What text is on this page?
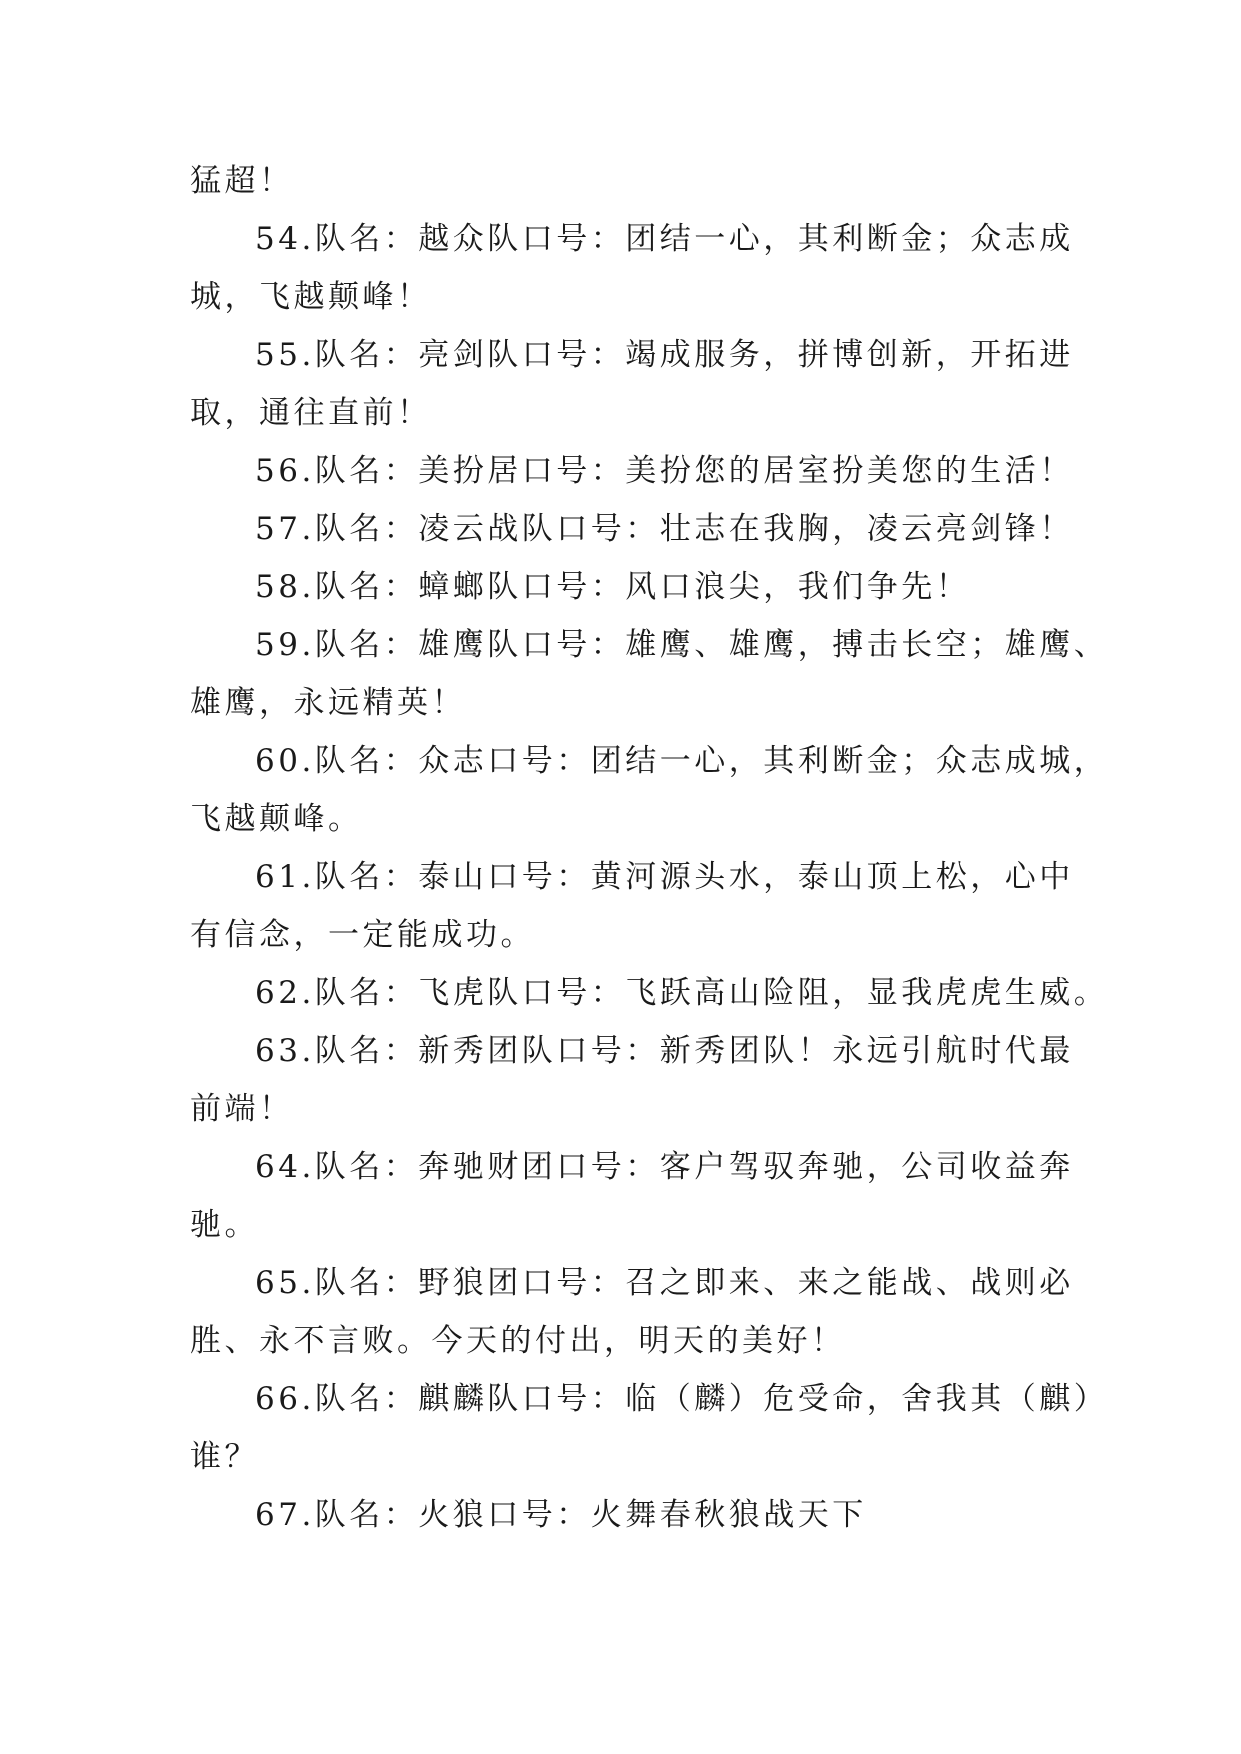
猛超！
54.队名：越众队口号：团结一心，其利断金；众志成
城，飞越颠峰！
55.队名：亮剑队口号：竭成服务，拼博创新，开拓进
取，通往直前！
56.队名：美扮居口号：美扮您的居室扮美您的生活！
57.队名：凌云战队口号：壮志在我胸，凌云亮剑锋！
58.队名：蟑螂队口号：风口浪尖，我们争先！
59.队名：雄鹰队口号：雄鹰、雄鹰，搏击长空；雄鹰、
雄鹰，永远精英！
60.队名：众志口号：团结一心，其利断金；众志成城，
飞越颠峰。
61.队名：泰山口号：黄河源头水，泰山顶上松，心中
有信念，一定能成功。
62.队名：飞虎队口号：飞跃高山险阻，显我虎虎生威。
63.队名：新秀团队口号：新秀团队！永远引航时代最
前端！
64.队名：奔驰财团口号：客户驾驭奔驰，公司收益奔
驰。
65.队名：野狼团口号：召之即来、来之能战、战则必
胜、永不言败。今天的付出，明天的美好！
66.队名：麒麟队口号：临（麟）危受命，舍我其（麒）
谁？
67.队名：火狼口号：火舞春秋狼战天下
